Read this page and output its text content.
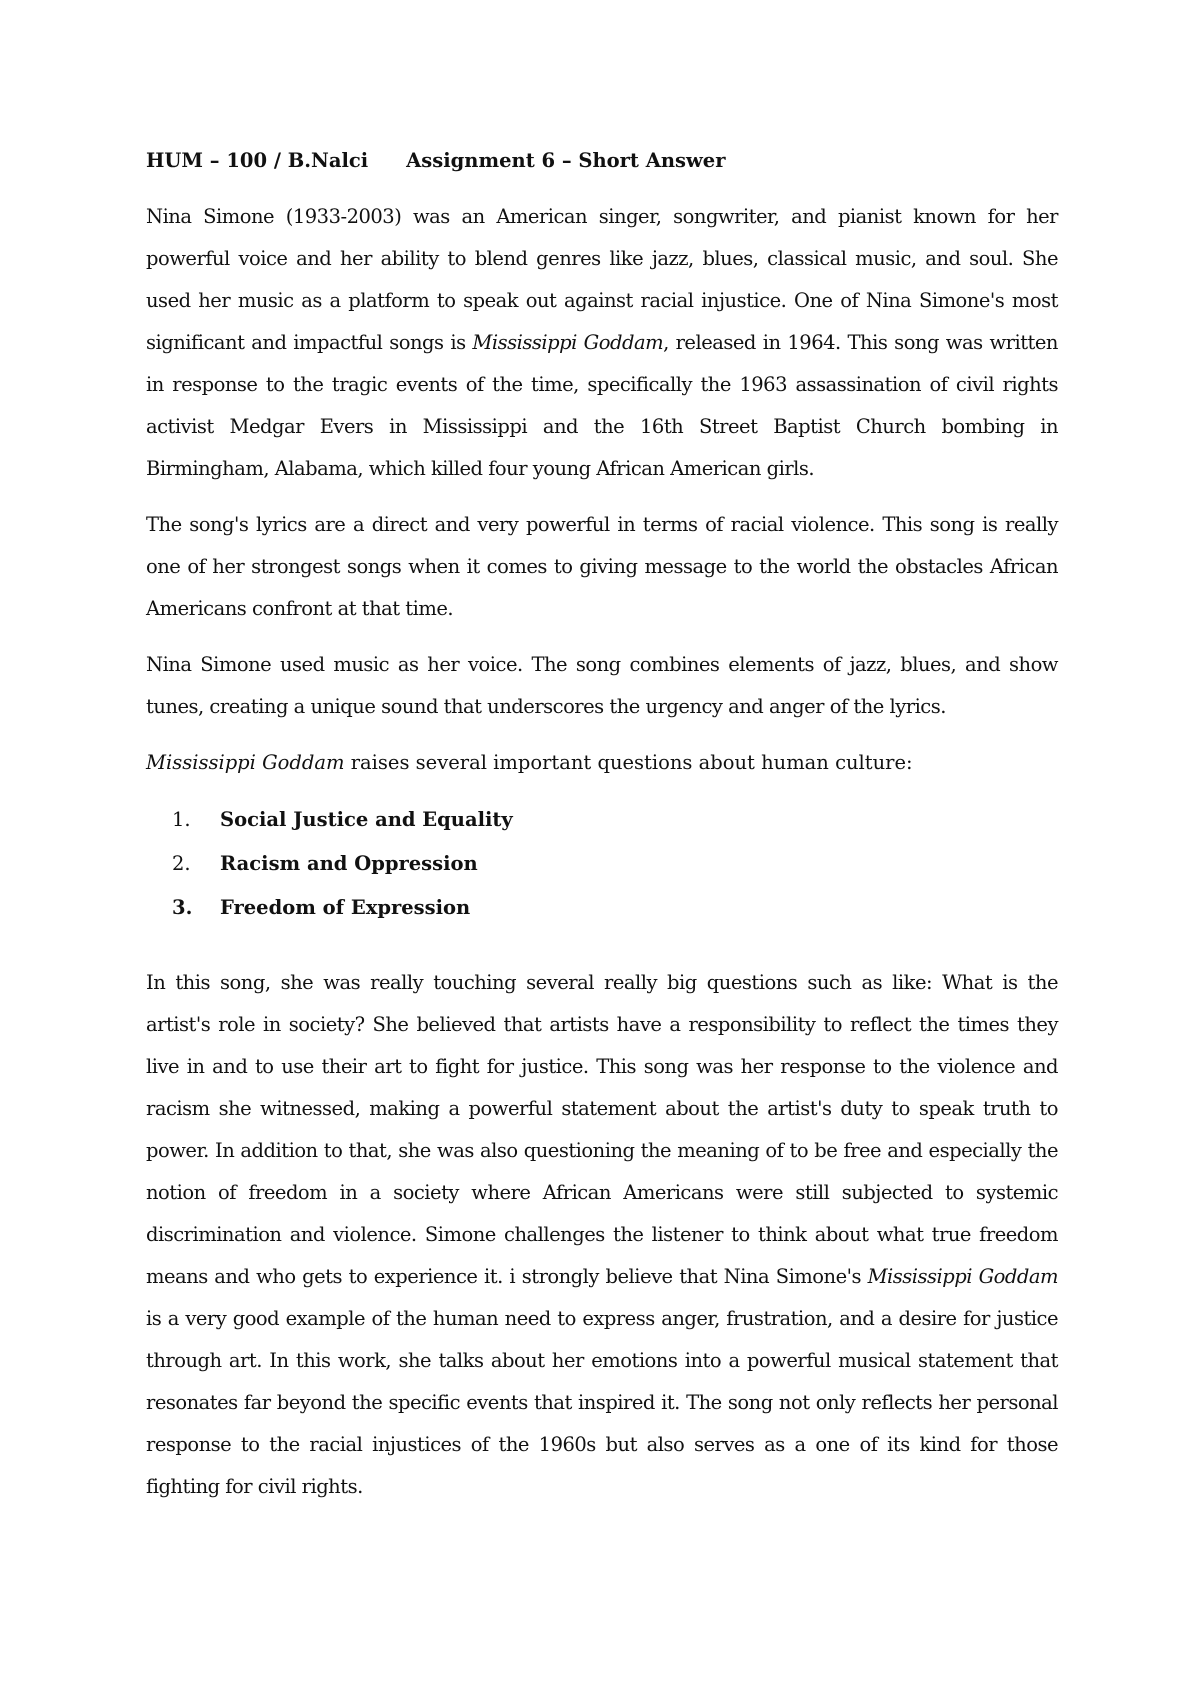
HUM – 100 / B.Nalci Assignment 6 – Short Answer

Nina Simone (1933-2003) was an American singer, songwriter, and pianist known for her powerful voice and her ability to blend genres like jazz, blues, classical music, and soul. She used her music as a platform to speak out against racial injustice. One of Nina Simone's most significant and impactful songs is Mississippi Goddam, released in 1964. This song was written in response to the tragic events of the time, specifically the 1963 assassination of civil rights activist Medgar Evers in Mississippi and the 16th Street Baptist Church bombing in Birmingham, Alabama, which killed four young African American girls.

The song's lyrics are a direct and very powerful in terms of racial violence. This song is really one of her strongest songs when it comes to giving message to the world the obstacles African Americans confront at that time.

Nina Simone used music as her voice. The song combines elements of jazz, blues, and show tunes, creating a unique sound that underscores the urgency and anger of the lyrics.

Mississippi Goddam raises several important questions about human culture:

1.	Social Justice and Equality
2.	Racism and Oppression
3.	Freedom of Expression

In this song, she was really touching several really big questions such as like: What is the artist's role in society? She believed that artists have a responsibility to reflect the times they live in and to use their art to fight for justice. This song was her response to the violence and racism she witnessed, making a powerful statement about the artist's duty to speak truth to power. In addition to that, she was also questioning the meaning of to be free and especially the notion of freedom in a society where African Americans were still subjected to systemic discrimination and violence. Simone challenges the listener to think about what true freedom means and who gets to experience it. i strongly believe that Nina Simone's Mississippi Goddam is a very good example of the human need to express anger, frustration, and a desire for justice through art. In this work, she talks about her emotions into a powerful musical statement that resonates far beyond the specific events that inspired it. The song not only reflects her personal response to the racial injustices of the 1960s but also serves as a one of its kind for those fighting for civil rights.
